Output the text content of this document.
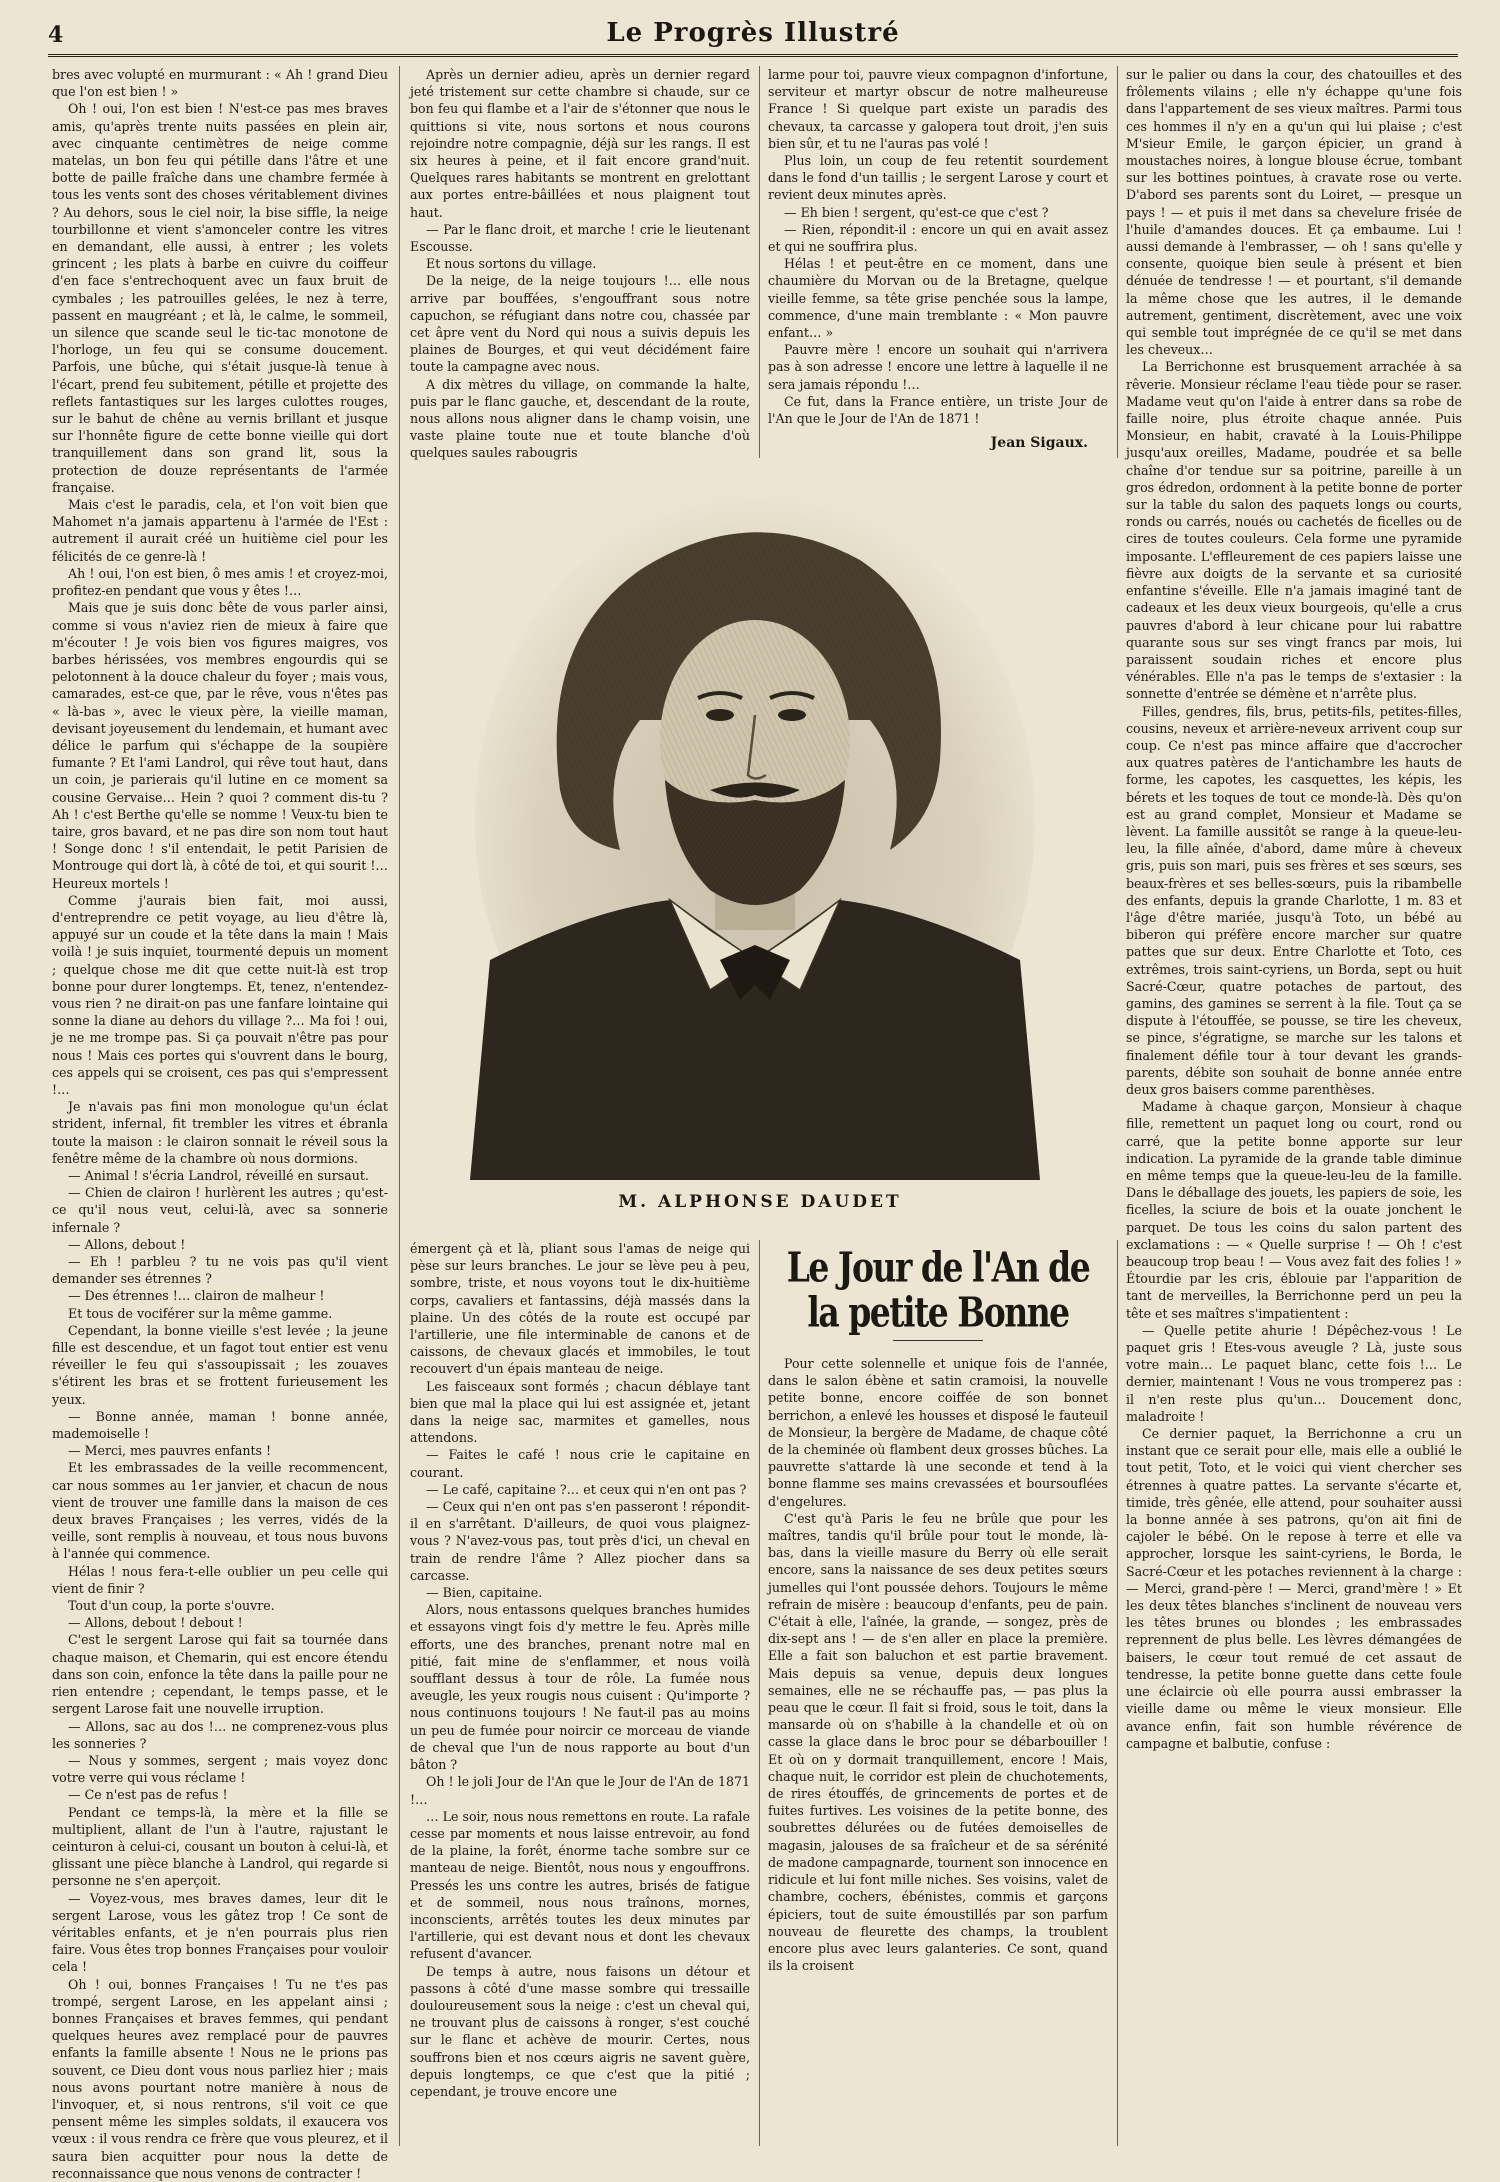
4	Le Progrès Illustré

bres avec volupté en murmurant : « Ah ! grand Dieu que l'on est bien ! »

Oh ! oui, l'on est bien ! N'est-ce pas mes braves amis, qu'après trente nuits passées en plein air, avec cinquante centimètres de neige comme matelas, un bon feu qui pétille dans l'âtre et une botte de paille fraîche dans une chambre fermée à tous les vents sont des choses véritablement divines ? Au dehors, sous le ciel noir, la bise siffle, la neige tourbillonne et vient s'amonceler contre les vitres en demandant, elle aussi, à entrer ; les volets grincent ; les plats à barbe en cuivre du coiffeur d'en face s'entrechoquent avec un faux bruit de cymbales ; les patrouilles gelées, le nez à terre, passent en maugréant ; et là, le calme, le sommeil, un silence que scande seul le tic-tac monotone de l'horloge, un feu qui se consume doucement. Parfois, une bûche, qui s'était jusque-là tenue à l'écart, prend feu subitement, pétille et projette des reflets fantastiques sur les larges culottes rouges, sur le bahut de chêne au vernis brillant et jusque sur l'honnête figure de cette bonne vieille qui dort tranquillement dans son grand lit, sous la protection de douze représentants de l'armée française.

Mais c'est le paradis, cela, et l'on voit bien que Mahomet n'a jamais appartenu à l'armée de l'Est : autrement il aurait créé un huitième ciel pour les félicités de ce genre-là !

Ah ! oui, l'on est bien, ô mes amis ! et croyez-moi, profitez-en pendant que vous y êtes !…

Mais que je suis donc bête de vous parler ainsi, comme si vous n'aviez rien de mieux à faire que m'écouter ! Je vois bien vos figures maigres, vos barbes hérissées, vos membres engourdis qui se pelotonnent à la douce chaleur du foyer ; mais vous, camarades, est-ce que, par le rêve, vous n'êtes pas « là-bas », avec le vieux père, la vieille maman, devisant joyeusement du lendemain, et humant avec délice le parfum qui s'échappe de la soupière fumante ? Et l'ami Landrol, qui rêve tout haut, dans un coin, je parierais qu'il lutine en ce moment sa cousine Gervaise… Hein ? quoi ? comment dis-tu ? Ah ! c'est Berthe qu'elle se nomme ! Veux-tu bien te taire, gros bavard, et ne pas dire son nom tout haut ! Songe donc ! s'il entendait, le petit Parisien de Montrouge qui dort là, à côté de toi, et qui sourit !… Heureux mortels !

Comme j'aurais bien fait, moi aussi, d'entreprendre ce petit voyage, au lieu d'être là, appuyé sur un coude et la tête dans la main ! Mais voilà ! je suis inquiet, tourmenté depuis un moment ; quelque chose me dit que cette nuit-là est trop bonne pour durer longtemps. Et, tenez, n'entendez-vous rien ? ne dirait-on pas une fanfare lointaine qui sonne la diane au dehors du village ?… Ma foi ! oui, je ne me trompe pas. Si ça pouvait n'être pas pour nous ! Mais ces portes qui s'ouvrent dans le bourg, ces appels qui se croisent, ces pas qui s'empressent !…

Je n'avais pas fini mon monologue qu'un éclat strident, infernal, fit trembler les vitres et ébranla toute la maison : le clairon sonnait le réveil sous la fenêtre même de la chambre où nous dormions.

— Animal ! s'écria Landrol, réveillé en sursaut.

— Chien de clairon ! hurlèrent les autres ; qu'est-ce qu'il nous veut, celui-là, avec sa sonnerie infernale ?

— Allons, debout !

— Eh ! parbleu ? tu ne vois pas qu'il vient demander ses étrennes ?

— Des étrennes !… clairon de malheur !

Et tous de vociférer sur la même gamme.

Cependant, la bonne vieille s'est levée ; la jeune fille est descendue, et un fagot tout entier est venu réveiller le feu qui s'assoupissait ; les zouaves s'étirent les bras et se frottent furieusement les yeux.

— Bonne année, maman ! bonne année, mademoiselle !

— Merci, mes pauvres enfants !

Et les embrassades de la veille recommencent, car nous sommes au 1er janvier, et chacun de nous vient de trouver une famille dans la maison de ces deux braves Françaises ; les verres, vidés de la veille, sont remplis à nouveau, et tous nous buvons à l'année qui commence.

Hélas ! nous fera-t-elle oublier un peu celle qui vient de finir ?

Tout d'un coup, la porte s'ouvre.

— Allons, debout ! debout !

C'est le sergent Larose qui fait sa tournée dans chaque maison, et Chemarin, qui est encore étendu dans son coin, enfonce la tête dans la paille pour ne rien entendre ; cependant, le temps passe, et le sergent Larose fait une nouvelle irruption.

— Allons, sac au dos !… ne comprenez-vous plus les sonneries ?

— Nous y sommes, sergent ; mais voyez donc votre verre qui vous réclame !

— Ce n'est pas de refus !

Pendant ce temps-là, la mère et la fille se multiplient, allant de l'un à l'autre, rajustant le ceinturon à celui-ci, cousant un bouton à celui-là, et glissant une pièce blanche à Landrol, qui regarde si personne ne s'en aperçoit.

— Voyez-vous, mes braves dames, leur dit le sergent Larose, vous les gâtez trop ! Ce sont de véritables enfants, et je n'en pourrais plus rien faire. Vous êtes trop bonnes Françaises pour vouloir cela !

Oh ! oui, bonnes Françaises ! Tu ne t'es pas trompé, sergent Larose, en les appelant ainsi ; bonnes Françaises et braves femmes, qui pendant quelques heures avez remplacé pour de pauvres enfants la famille absente ! Nous ne le prions pas souvent, ce Dieu dont vous nous parliez hier ; mais nous avons pourtant notre manière à nous de l'invoquer, et, si nous rentrons, s'il voit ce que pensent même les simples soldats, il exaucera vos vœux : il vous rendra ce frère que vous pleurez, et il saura bien acquitter pour nous la dette de reconnaissance que nous venons de contracter !

Après un dernier adieu, après un dernier regard jeté tristement sur cette chambre si chaude, sur ce bon feu qui flambe et a l'air de s'étonner que nous le quittions si vite, nous sortons et nous courons rejoindre notre compagnie, déjà sur les rangs. Il est six heures à peine, et il fait encore grand'nuit. Quelques rares habitants se montrent en grelottant aux portes entre-bâillées et nous plaignent tout haut.

— Par le flanc droit, et marche ! crie le lieutenant Escousse.

Et nous sortons du village.

De la neige, de la neige toujours !… elle nous arrive par bouffées, s'engouffrant sous notre capuchon, se réfugiant dans notre cou, chassée par cet âpre vent du Nord qui nous a suivis depuis les plaines de Bourges, et qui veut décidément faire toute la campagne avec nous.

A dix mètres du village, on commande la halte, puis par le flanc gauche, et, descendant de la route, nous allons nous aligner dans le champ voisin, une vaste plaine toute nue et toute blanche d'où quelques saules rabougris

larme pour toi, pauvre vieux compagnon d'infortune, serviteur et martyr obscur de notre malheureuse France ! Si quelque part existe un paradis des chevaux, ta carcasse y galopera tout droit, j'en suis bien sûr, et tu ne l'auras pas volé !

Plus loin, un coup de feu retentit sourdement dans le fond d'un taillis ; le sergent Larose y court et revient deux minutes après.

— Eh bien ! sergent, qu'est-ce que c'est ?

— Rien, répondit-il : encore un qui en avait assez et qui ne souffrira plus.

Hélas ! et peut-être en ce moment, dans une chaumière du Morvan ou de la Bretagne, quelque vieille femme, sa tête grise penchée sous la lampe, commence, d'une main tremblante : « Mon pauvre enfant… »

Pauvre mère ! encore un souhait qui n'arrivera pas à son adresse ! encore une lettre à laquelle il ne sera jamais répondu !…

Ce fut, dans la France entière, un triste Jour de l'An que le Jour de l'An de 1871 !

Jean Sigaux.
M. ALPHONSE DAUDET

émergent çà et là, pliant sous l'amas de neige qui pèse sur leurs branches. Le jour se lève peu à peu, sombre, triste, et nous voyons tout le dix-huitième corps, cavaliers et fantassins, déjà massés dans la plaine. Un des côtés de la route est occupé par l'artillerie, une file interminable de canons et de caissons, de chevaux glacés et immobiles, le tout recouvert d'un épais manteau de neige.

Les faisceaux sont formés ; chacun déblaye tant bien que mal la place qui lui est assignée et, jetant dans la neige sac, marmites et gamelles, nous attendons.

— Faites le café ! nous crie le capitaine en courant.

— Le café, capitaine ?… et ceux qui n'en ont pas ?

— Ceux qui n'en ont pas s'en passeront ! répondit-il en s'arrêtant. D'ailleurs, de quoi vous plaignez-vous ? N'avez-vous pas, tout près d'ici, un cheval en train de rendre l'âme ? Allez piocher dans sa carcasse.

— Bien, capitaine.

Alors, nous entassons quelques branches humides et essayons vingt fois d'y mettre le feu. Après mille efforts, une des branches, prenant notre mal en pitié, fait mine de s'enflammer, et nous voilà soufflant dessus à tour de rôle. La fumée nous aveugle, les yeux rougis nous cuisent : Qu'importe ? nous continuons toujours ! Ne faut-il pas au moins un peu de fumée pour noircir ce morceau de viande de cheval que l'un de nous rapporte au bout d'un bâton ?

Oh ! le joli Jour de l'An que le Jour de l'An de 1871 !…

… Le soir, nous nous remettons en route. La rafale cesse par moments et nous laisse entrevoir, au fond de la plaine, la forêt, énorme tache sombre sur ce manteau de neige. Bientôt, nous nous y engouffrons. Pressés les uns contre les autres, brisés de fatigue et de sommeil, nous nous traînons, mornes, inconscients, arrêtés toutes les deux minutes par l'artillerie, qui est devant nous et dont les chevaux refusent d'avancer.

De temps à autre, nous faisons un détour et passons à côté d'une masse sombre qui tressaille douloureusement sous la neige : c'est un cheval qui, ne trouvant plus de caissons à ronger, s'est couché sur le flanc et achève de mourir. Certes, nous souffrons bien et nos cœurs aigris ne savent guère, depuis longtemps, ce que c'est que la pitié ; cependant, je trouve encore une

Le Jour de l'An de la petite Bonne

Pour cette solennelle et unique fois de l'année, dans le salon ébène et satin cramoisi, la nouvelle petite bonne, encore coiffée de son bonnet berrichon, a enlevé les housses et disposé le fauteuil de Monsieur, la bergère de Madame, de chaque côté de la cheminée où flambent deux grosses bûches. La pauvrette s'attarde là une seconde et tend à la bonne flamme ses mains crevassées et boursouflées d'engelures.

C'est qu'à Paris le feu ne brûle que pour les maîtres, tandis qu'il brûle pour tout le monde, là-bas, dans la vieille masure du Berry où elle serait encore, sans la naissance de ses deux petites sœurs jumelles qui l'ont poussée dehors. Toujours le même refrain de misère : beaucoup d'enfants, peu de pain. C'était à elle, l'aînée, la grande, — songez, près de dix-sept ans ! — de s'en aller en place la première. Elle a fait son baluchon et est partie bravement. Mais depuis sa venue, depuis deux longues semaines, elle ne se réchauffe pas, — pas plus la peau que le cœur. Il fait si froid, sous le toit, dans la mansarde où on s'habille à la chandelle et où on casse la glace dans le broc pour se débarbouiller ! Et où on y dormait tranquillement, encore ! Mais, chaque nuit, le corridor est plein de chuchotements, de rires étouffés, de grincements de portes et de fuites furtives. Les voisines de la petite bonne, des soubrettes délurées ou de futées demoiselles de magasin, jalouses de sa fraîcheur et de sa sérénité de madone campagnarde, tournent son innocence en ridicule et lui font mille niches. Ses voisins, valet de chambre, cochers, ébénistes, commis et garçons épiciers, tout de suite émoustillés par son parfum nouveau de fleurette des champs, la troublent encore plus avec leurs galanteries. Ce sont, quand ils la croisent

sur le palier ou dans la cour, des chatouilles et des frôlements vilains ; elle n'y échappe qu'une fois dans l'appartement de ses vieux maîtres. Parmi tous ces hommes il n'y en a qu'un qui lui plaise ; c'est M'sieur Emile, le garçon épicier, un grand à moustaches noires, à longue blouse écrue, tombant sur les bottines pointues, à cravate rose ou verte. D'abord ses parents sont du Loiret, — presque un pays ! — et puis il met dans sa chevelure frisée de l'huile d'amandes douces. Et ça embaume. Lui ! aussi demande à l'embrasser, — oh ! sans qu'elle y consente, quoique bien seule à présent et bien dénuée de tendresse ! — et pourtant, s'il demande la même chose que les autres, il le demande autrement, gentiment, discrètement, avec une voix qui semble tout imprégnée de ce qu'il se met dans les cheveux…

La Berrichonne est brusquement arrachée à sa rêverie. Monsieur réclame l'eau tiède pour se raser. Madame veut qu'on l'aide à entrer dans sa robe de faille noire, plus étroite chaque année. Puis Monsieur, en habit, cravaté à la Louis-Philippe jusqu'aux oreilles, Madame, poudrée et sa belle chaîne d'or tendue sur sa poitrine, pareille à un gros édredon, ordonnent à la petite bonne de porter sur la table du salon des paquets longs ou courts, ronds ou carrés, noués ou cachetés de ficelles ou de cires de toutes couleurs. Cela forme une pyramide imposante. L'effleurement de ces papiers laisse une fièvre aux doigts de la servante et sa curiosité enfantine s'éveille. Elle n'a jamais imaginé tant de cadeaux et les deux vieux bourgeois, qu'elle a crus pauvres d'abord à leur chicane pour lui rabattre quarante sous sur ses vingt francs par mois, lui paraissent soudain riches et encore plus vénérables. Elle n'a pas le temps de s'extasier : la sonnette d'entrée se démène et n'arrête plus.

Filles, gendres, fils, brus, petits-fils, petites-filles, cousins, neveux et arrière-neveux arrivent coup sur coup. Ce n'est pas mince affaire que d'accrocher aux quatres patères de l'antichambre les hauts de forme, les capotes, les casquettes, les képis, les bérets et les toques de tout ce monde-là. Dès qu'on est au grand complet, Monsieur et Madame se lèvent. La famille aussitôt se range à la queue-leu-leu, la fille aînée, d'abord, dame mûre à cheveux gris, puis son mari, puis ses frères et ses sœurs, ses beaux-frères et ses belles-sœurs, puis la ribambelle des enfants, depuis la grande Charlotte, 1 m. 83 et l'âge d'être mariée, jusqu'à Toto, un bébé au biberon qui préfère encore marcher sur quatre pattes que sur deux. Entre Charlotte et Toto, ces extrêmes, trois saint-cyriens, un Borda, sept ou huit Sacré-Cœur, quatre potaches de partout, des gamins, des gamines se serrent à la file. Tout ça se dispute à l'étouffée, se pousse, se tire les cheveux, se pince, s'égratigne, se marche sur les talons et finalement défile tour à tour devant les grands-parents, débite son souhait de bonne année entre deux gros baisers comme parenthèses.

Madame à chaque garçon, Monsieur à chaque fille, remettent un paquet long ou court, rond ou carré, que la petite bonne apporte sur leur indication. La pyramide de la grande table diminue en même temps que la queue-leu-leu de la famille. Dans le déballage des jouets, les papiers de soie, les ficelles, la sciure de bois et la ouate jonchent le parquet. De tous les coins du salon partent des exclamations : — « Quelle surprise ! — Oh ! c'est beaucoup trop beau ! — Vous avez fait des folies ! » Étourdie par les cris, éblouie par l'apparition de tant de merveilles, la Berrichonne perd un peu la tête et ses maîtres s'impatientent :

— Quelle petite ahurie ! Dépêchez-vous ! Le paquet gris ! Etes-vous aveugle ? Là, juste sous votre main… Le paquet blanc, cette fois !… Le dernier, maintenant ! Vous ne vous tromperez pas : il n'en reste plus qu'un… Doucement donc, maladroite !

Ce dernier paquet, la Berrichonne a cru un instant que ce serait pour elle, mais elle a oublié le tout petit, Toto, et le voici qui vient chercher ses étrennes à quatre pattes. La servante s'écarte et, timide, très gênée, elle attend, pour souhaiter aussi la bonne année à ses patrons, qu'on ait fini de cajoler le bébé. On le repose à terre et elle va approcher, lorsque les saint-cyriens, le Borda, le Sacré-Cœur et les potaches reviennent à la charge : — Merci, grand-père ! — Merci, grand'mère ! » Et les deux têtes blanches s'inclinent de nouveau vers les têtes brunes ou blondes ; les embrassades reprennent de plus belle. Les lèvres démangées de baisers, le cœur tout remué de cet assaut de tendresse, la petite bonne guette dans cette foule une éclaircie où elle pourra aussi embrasser la vieille dame ou même le vieux monsieur. Elle avance enfin, fait son humble révérence de campagne et balbutie, confuse :
